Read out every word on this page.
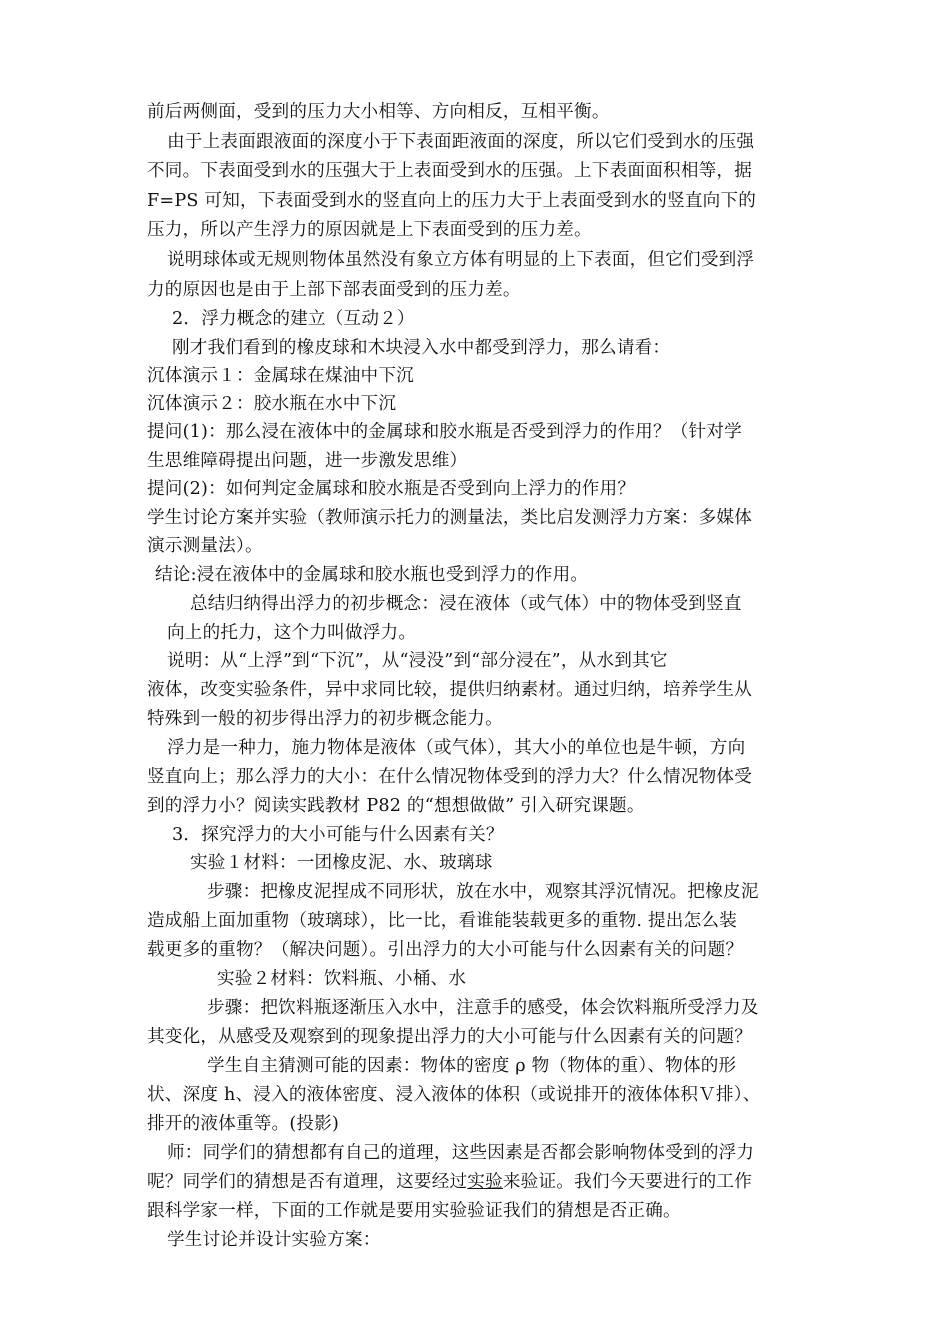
前后两侧面，受到的压力大小相等、方向相反，互相平衡。
由于上表面跟液面的深度小于下表面距液面的深度，所以它们受到水的压强
不同。下表面受到水的压强大于上表面受到水的压强。上下表面面积相等，据
F=PS 可知，下表面受到水的竖直向上的压力大于上表面受到水的竖直向下的
压力，所以产生浮力的原因就是上下表面受到的压力差。
说明球体或无规则物体虽然没有象立方体有明显的上下表面，但它们受到浮
力的原因也是由于上部下部表面受到的压力差。
2．浮力概念的建立（互动２）
刚才我们看到的橡皮球和木块浸入水中都受到浮力，那么请看：
沉体演示１：金属球在煤油中下沉
沉体演示２：胶水瓶在水中下沉
提问(1)：那么浸在液体中的金属球和胶水瓶是否受到浮力的作用？（针对学
生思维障碍提出问题，进一步激发思维）
提问(2)：如何判定金属球和胶水瓶是否受到向上浮力的作用？
学生讨论方案并实验（教师演示托力的测量法，类比启发测浮力方案：多媒体
演示测量法）。
结论:浸在液体中的金属球和胶水瓶也受到浮力的作用。
总结归纳得出浮力的初步概念：浸在液体（或气体）中的物体受到竖直
向上的托力，这个力叫做浮力。
说明：从“上浮”到“下沉”，从“浸没”到“部分浸在”，从水到其它
液体，改变实验条件，异中求同比较，提供归纳素材。通过归纳，培养学生从
特殊到一般的初步得出浮力的初步概念能力。
浮力是一种力，施力物体是液体（或气体），其大小的单位也是牛顿，方向
竖直向上；那么浮力的大小：在什么情况物体受到的浮力大？什么情况物体受
到的浮力小？阅读实践教材 P82 的“想想做做” 引入研究课题。
3．探究浮力的大小可能与什么因素有关？
实验１材料：一团橡皮泥、水、玻璃球
步骤：把橡皮泥捏成不同形状，放在水中，观察其浮沉情况。把橡皮泥
造成船上面加重物（玻璃球），比一比，看谁能装载更多的重物. 提出怎么装
载更多的重物？（解决问题）。引出浮力的大小可能与什么因素有关的问题？
实验２材料：饮料瓶、小桶、水
步骤：把饮料瓶逐渐压入水中，注意手的感受，体会饮料瓶所受浮力及
其变化，从感受及观察到的现象提出浮力的大小可能与什么因素有关的问题？
学生自主猜测可能的因素：物体的密度 ρ 物（物体的重）、物体的形
状、深度 h、浸入的液体密度、浸入液体的体积（或说排开的液体体积Ｖ排）、
排开的液体重等。(投影)
师：同学们的猜想都有自己的道理，这些因素是否都会影响物体受到的浮力
呢？同学们的猜想是否有道理，这要经过实验来验证。我们今天要进行的工作
跟科学家一样，下面的工作就是要用实验验证我们的猜想是否正确。
学生讨论并设计实验方案：
